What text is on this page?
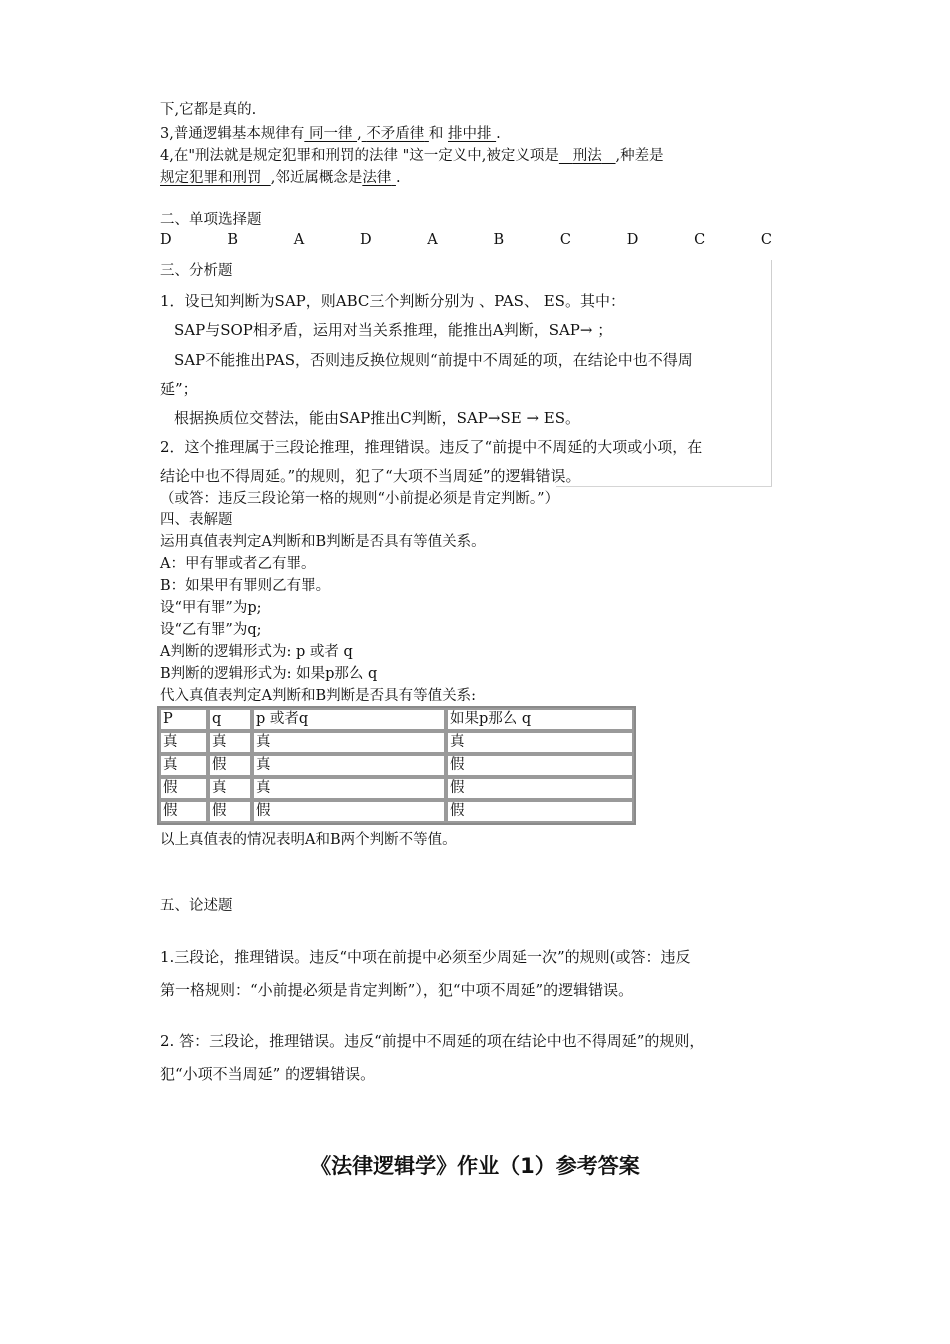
下,它都是真的.
3,普通逻辑基本规律有 同一律 , 不矛盾律 和 排中排 .
4,在"刑法就是规定犯罪和刑罚的法律 "这一定义中,被定义项是 刑法 ,种差是
规定犯罪和刑罚 ,邻近属概念是法律 .
二、单项选择题
D	B	A	D	A	B	C	D	C	C
三、分析题
1．设已知判断为SAP，则ABC三个判断分别为 、PAS、 ES。其中：
SAP与SOP相矛盾，运用对当关系推理，能推出A判断，SAP→ ；
SAP不能推出PAS，否则违反换位规则“前提中不周延的项，在结论中也不得周
延”；
根据换质位交替法，能由SAP推出C判断，SAP→SE → ES。
2．这个推理属于三段论推理，推理错误。违反了“前提中不周延的大项或小项，在
结论中也不得周延。”的规则，犯了“大项不当周延”的逻辑错误。
（或答：违反三段论第一格的规则“小前提必须是肯定判断。”）
四、表解题
运用真值表判定A判断和B判断是否具有等值关系。
A：甲有罪或者乙有罪。
B：如果甲有罪则乙有罪。
设“甲有罪”为p;
设“乙有罪”为q;
A判断的逻辑形式为: p 或者 q
B判断的逻辑形式为: 如果p那么 q
代入真值表判定A判断和B判断是否具有等值关系:
P	q	p 或者q	如果p那么 q
真	真	真	真
真	假	真	假
假	真	真	假
假	假	假	假
以上真值表的情况表明A和B两个判断不等值。
五、论述题
1.三段论，推理错误。违反“中项在前提中必须至少周延一次”的规则(或答：违反
第一格规则：“小前提必须是肯定判断”），犯“中项不周延”的逻辑错误。
2. 答：三段论，推理错误。违反“前提中不周延的项在结论中也不得周延”的规则，
犯“小项不当周延” 的逻辑错误。
《法律逻辑学》作业（1）参考答案
